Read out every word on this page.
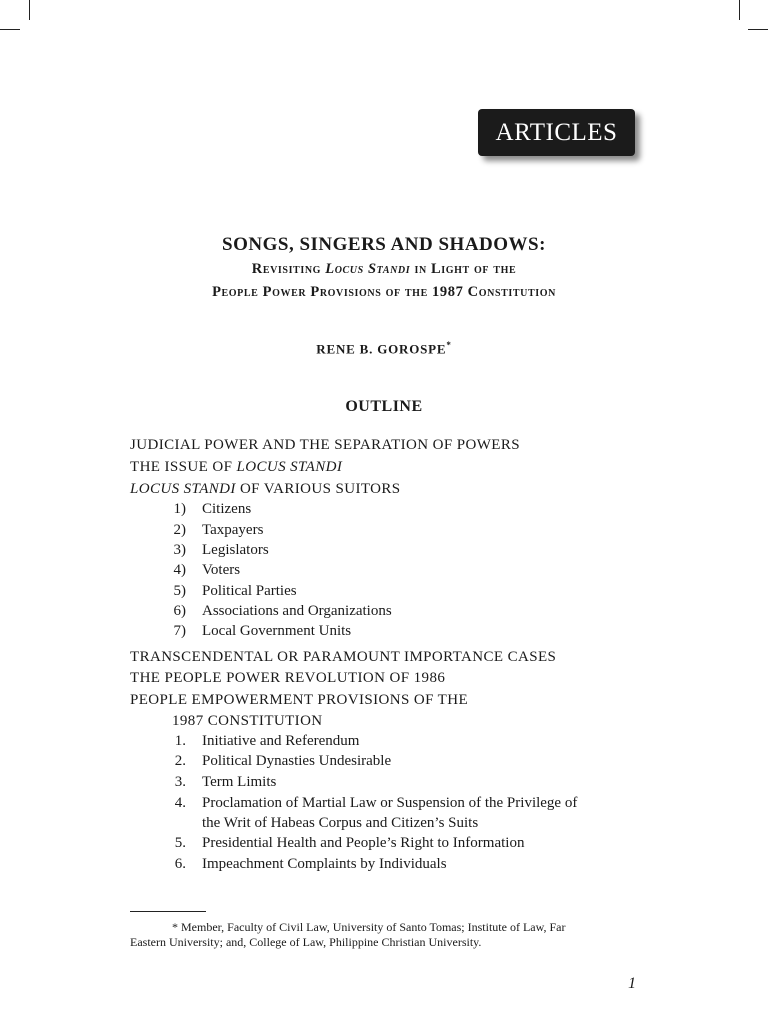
ARTICLES
SONGS, SINGERS AND SHADOWS:
Revisiting Locus Standi in Light of the
People Power Provisions of the 1987 Constitution
RENE B. GOROSPE*
OUTLINE
JUDICIAL POWER AND THE SEPARATION OF POWERS
THE ISSUE OF LOCUS STANDI
LOCUS STANDI OF VARIOUS SUITORS
1) Citizens
2) Taxpayers
3) Legislators
4) Voters
5) Political Parties
6) Associations and Organizations
7) Local Government Units
TRANSCENDENTAL OR PARAMOUNT IMPORTANCE CASES
THE PEOPLE POWER REVOLUTION OF 1986
PEOPLE EMPOWERMENT PROVISIONS OF THE
1987 CONSTITUTION
1. Initiative and Referendum
2. Political Dynasties Undesirable
3. Term Limits
4. Proclamation of Martial Law or Suspension of the Privilege of
the Writ of Habeas Corpus and Citizen’s Suits
5. Presidential Health and People’s Right to Information
6. Impeachment Complaints by Individuals
* Member, Faculty of Civil Law, University of Santo Tomas; Institute of Law, Far
Eastern University; and, College of Law, Philippine Christian University.
1
